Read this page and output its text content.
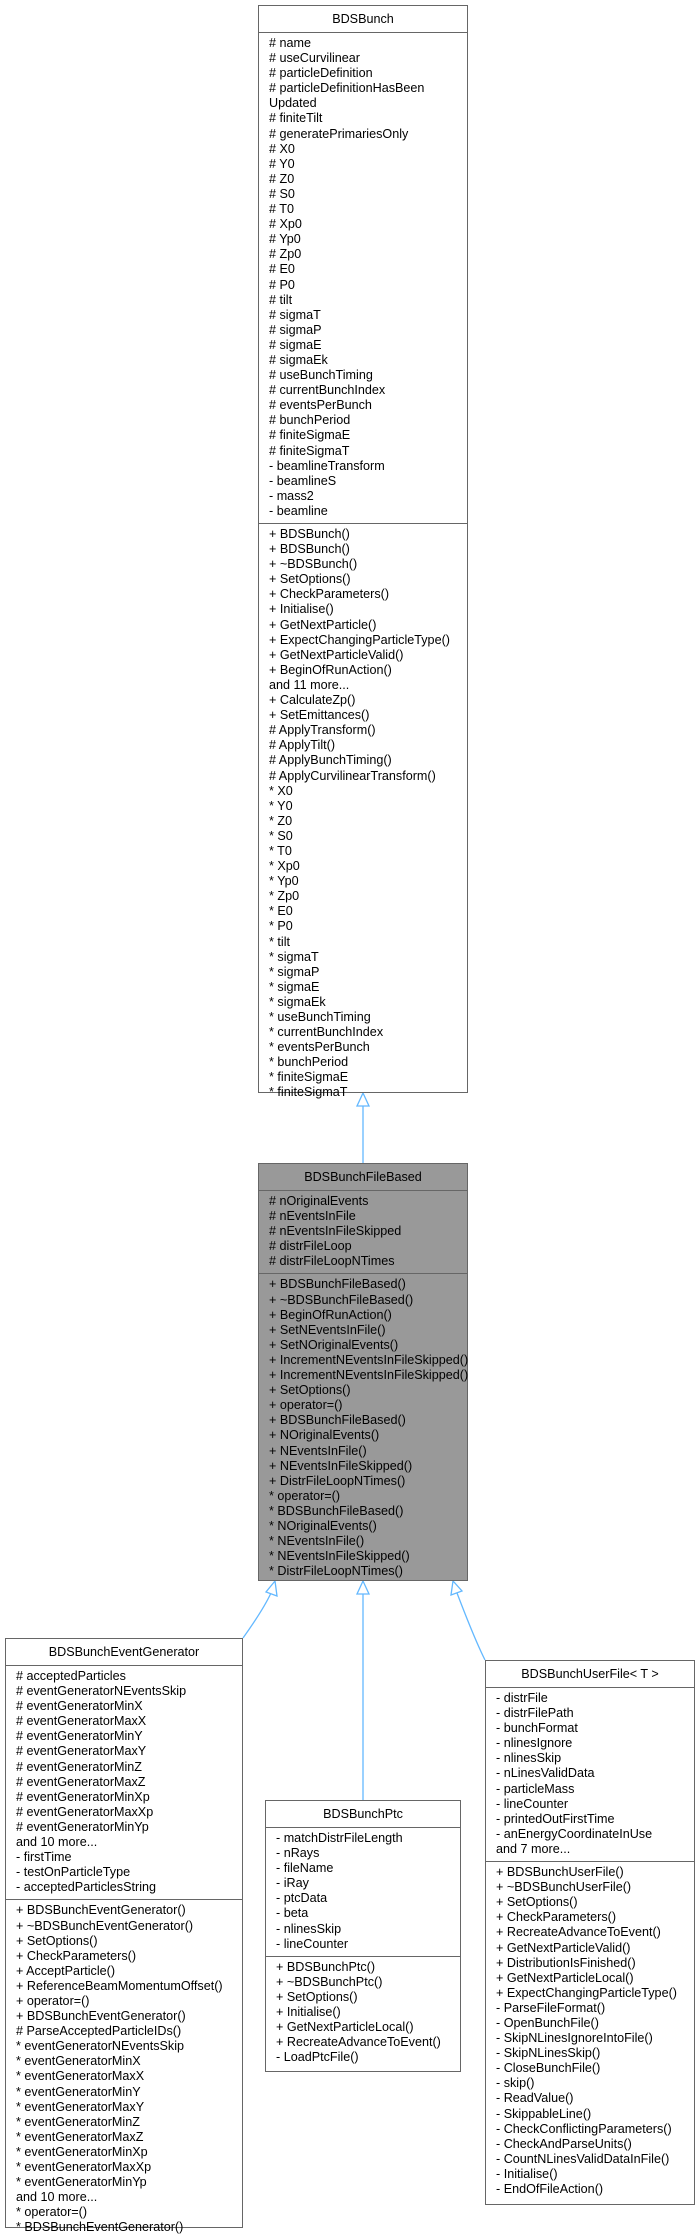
BDSBunch
# name
# useCurvilinear
# particleDefinition
# particleDefinitionHasBeen
Updated
# finiteTilt
# generatePrimariesOnly
# X0
# Y0
# Z0
# S0
# T0
# Xp0
# Yp0
# Zp0
# E0
# P0
# tilt
# sigmaT
# sigmaP
# sigmaE
# sigmaEk
# useBunchTiming
# currentBunchIndex
# eventsPerBunch
# bunchPeriod
# finiteSigmaE
# finiteSigmaT
- beamlineTransform
- beamlineS
- mass2
- beamline
+ BDSBunch()
+ BDSBunch()
+ ~BDSBunch()
+ SetOptions()
+ CheckParameters()
+ Initialise()
+ GetNextParticle()
+ ExpectChangingParticleType()
+ GetNextParticleValid()
+ BeginOfRunAction()
and 11 more...
+ CalculateZp()
+ SetEmittances()
# ApplyTransform()
# ApplyTilt()
# ApplyBunchTiming()
# ApplyCurvilinearTransform()
* X0
* Y0
* Z0
* S0
* T0
* Xp0
* Yp0
* Zp0
* E0
* P0
* tilt
* sigmaT
* sigmaP
* sigmaE
* sigmaEk
* useBunchTiming
* currentBunchIndex
* eventsPerBunch
* bunchPeriod
* finiteSigmaE
* finiteSigmaT
BDSBunchFileBased
# nOriginalEvents
# nEventsInFile
# nEventsInFileSkipped
# distrFileLoop
# distrFileLoopNTimes
+ BDSBunchFileBased()
+ ~BDSBunchFileBased()
+ BeginOfRunAction()
+ SetNEventsInFile()
+ SetNOriginalEvents()
+ IncrementNEventsInFileSkipped()
+ IncrementNEventsInFileSkipped()
+ SetOptions()
+ operator=()
+ BDSBunchFileBased()
+ NOriginalEvents()
+ NEventsInFile()
+ NEventsInFileSkipped()
+ DistrFileLoopNTimes()
* operator=()
* BDSBunchFileBased()
* NOriginalEvents()
* NEventsInFile()
* NEventsInFileSkipped()
* DistrFileLoopNTimes()
BDSBunchEventGenerator
# acceptedParticles
# eventGeneratorNEventsSkip
# eventGeneratorMinX
# eventGeneratorMaxX
# eventGeneratorMinY
# eventGeneratorMaxY
# eventGeneratorMinZ
# eventGeneratorMaxZ
# eventGeneratorMinXp
# eventGeneratorMaxXp
# eventGeneratorMinYp
and 10 more...
- firstTime
- testOnParticleType
- acceptedParticlesString
+ BDSBunchEventGenerator()
+ ~BDSBunchEventGenerator()
+ SetOptions()
+ CheckParameters()
+ AcceptParticle()
+ ReferenceBeamMomentumOffset()
+ operator=()
+ BDSBunchEventGenerator()
# ParseAcceptedParticleIDs()
* eventGeneratorNEventsSkip
* eventGeneratorMinX
* eventGeneratorMaxX
* eventGeneratorMinY
* eventGeneratorMaxY
* eventGeneratorMinZ
* eventGeneratorMaxZ
* eventGeneratorMinXp
* eventGeneratorMaxXp
* eventGeneratorMinYp
and 10 more...
* operator=()
* BDSBunchEventGenerator()
BDSBunchPtc
- matchDistrFileLength
- nRays
- fileName
- iRay
- ptcData
- beta
- nlinesSkip
- lineCounter
+ BDSBunchPtc()
+ ~BDSBunchPtc()
+ SetOptions()
+ Initialise()
+ GetNextParticleLocal()
+ RecreateAdvanceToEvent()
- LoadPtcFile()
BDSBunchUserFile< T >
- distrFile
- distrFilePath
- bunchFormat
- nlinesIgnore
- nlinesSkip
- nLinesValidData
- particleMass
- lineCounter
- printedOutFirstTime
- anEnergyCoordinateInUse
and 7 more...
+ BDSBunchUserFile()
+ ~BDSBunchUserFile()
+ SetOptions()
+ CheckParameters()
+ RecreateAdvanceToEvent()
+ GetNextParticleValid()
+ DistributionIsFinished()
+ GetNextParticleLocal()
+ ExpectChangingParticleType()
- ParseFileFormat()
- OpenBunchFile()
- SkipNLinesIgnoreIntoFile()
- SkipNLinesSkip()
- CloseBunchFile()
- skip()
- ReadValue()
- SkippableLine()
- CheckConflictingParameters()
- CheckAndParseUnits()
- CountNLinesValidDataInFile()
- Initialise()
- EndOfFileAction()
